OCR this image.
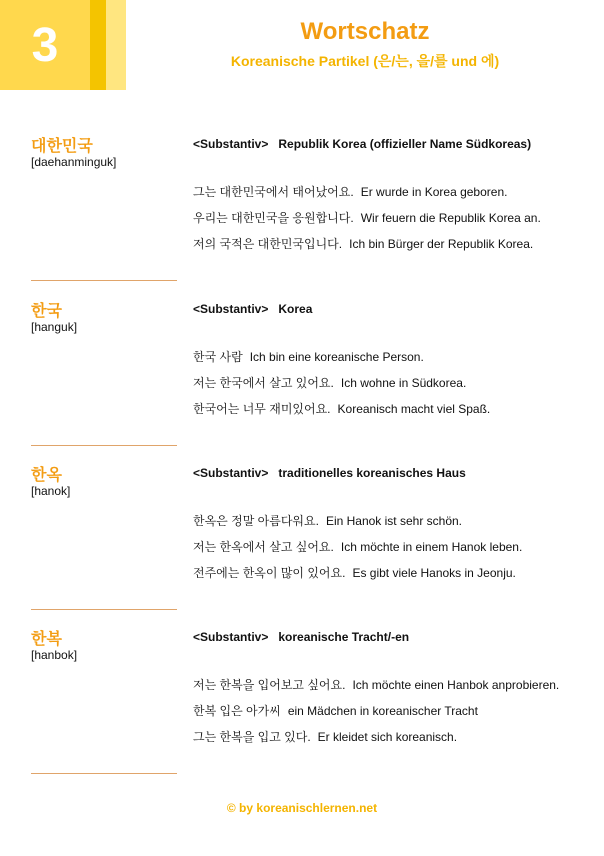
3	Wortschatz
Koreanische Partikel (은/는, 을/를 und 에)
대한민국
[daehanminguk]
<Substantiv> Republik Korea (offizieller Name Südkoreas)
그는 대한민국에서 태어났어요. Er wurde in Korea geboren.
우리는 대한민국을 응원합니다. Wir feuern die Republik Korea an.
저의 국적은 대한민국입니다. Ich bin Bürger der Republik Korea.
한국
[hanguk]
<Substantiv> Korea
한국 사람 Ich bin eine koreanische Person.
저는 한국에서 살고 있어요. Ich wohne in Südkorea.
한국어는 너무 재미있어요. Koreanisch macht viel Spaß.
한옥
[hanok]
<Substantiv> traditionelles koreanisches Haus
한옥은 정말 아름다워요. Ein Hanok ist sehr schön.
저는 한옥에서 살고 싶어요. Ich möchte in einem Hanok leben.
전주에는 한옥이 많이 있어요. Es gibt viele Hanoks in Jeonju.
한복
[hanbok]
<Substantiv> koreanische Tracht/-en
저는 한복을 입어보고 싶어요. Ich möchte einen Hanbok anprobieren.
한복 입은 아가씨 ein Mädchen in koreanischer Tracht
그는 한복을 입고 있다. Er kleidet sich koreanisch.
© by koreanischlernen.net
